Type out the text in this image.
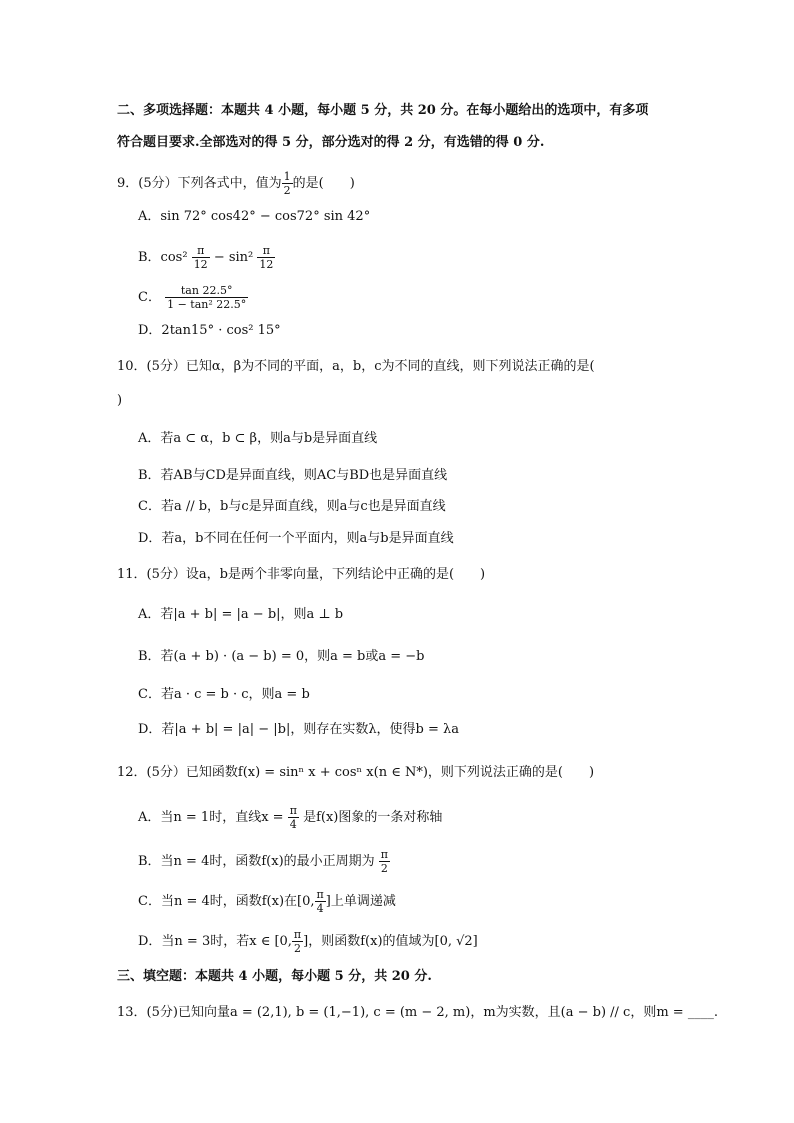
二、多项选择题：本题共 4 小题，每小题 5 分，共 20 分。在每小题给出的选项中，有多项
符合题目要求.全部选对的得 5 分，部分选对的得 2 分，有选错的得 0 分.
9．(5分）下列各式中，值为 $\frac{1}{2}$ 的是(　　)
A．sin 72° cos42° − cos72° sin 42°
B．$\cos^2 \frac{\pi}{12} - \sin^2 \frac{\pi}{12}$
C． $\frac{\tan 22.5^\circ}{\text{1 − tan² 22.5°}}$
D．2tan15° · cos² 15°
10．(5分）已知α，β为不同的平面，a，b，c为不同的直线，则下列说法正确的是(
)
A．若a ⊂ α，b ⊂ β，则a与b是异面直线
B．若AB与CD是异面直线，则AC与BD也是异面直线
C．若a // b，b与c是异面直线，则a与c也是异面直线
D．若a，b不同在任何一个平面内，则a与b是异面直线
11．(5分）设a，b是两个非零向量，下列结论中正确的是(　　)
A．若|a + b| = |a − b|，则a ⊥ b
B．若(a + b) · (a − b) = 0，则a = b或a = −b
C．若a · c = b · c，则a = b
D．若|a + b| = |a| − |b|，则存在实数λ，使得b = λa
12．(5分）已知函数f(x) = sinⁿ x + cosⁿ x(n ∈ N*)，则下列说法正确的是(　　)
A．当n = 1时，直线$x = \frac{\pi}{4}$ 是f(x)图象的一条对称轴
B．当n = 4时，函数f(x)的最小正周期为 $\frac{\pi}{2}$
C．当n = 4时，函数f(x)在[0, $\frac{\pi}{4}$ ]上单调递减
D．当n = 3时，若x ∈ [0, $\frac{\pi}{2}$ ]，则函数f(x)的值域为[0, √2]
三、填空题：本题共 4 小题，每小题 5 分，共 20 分.
13．(5分)已知向量a = (2,1), b = (1,−1), c = (m − 2, m)，m为实数，且(a − b) // c，则m = ____.
